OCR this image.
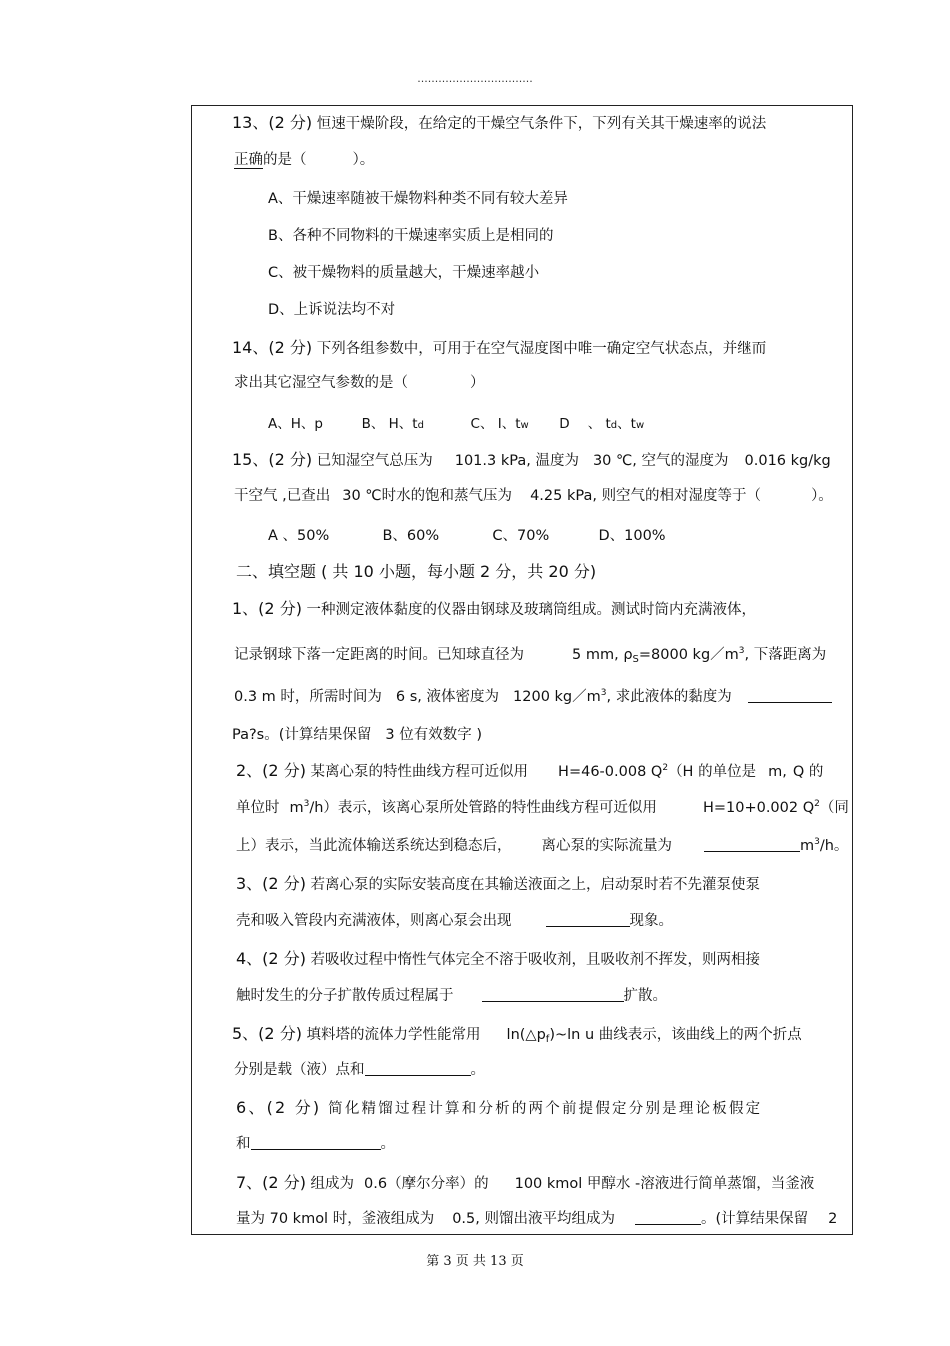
.................................
13、(2 分) 恒速干燥阶段，在给定的干燥空气条件下，下列有关其干燥速率的说法
正确的是（	）。
A、干燥速率随被干燥物料种类不同有较大差异
B、各种不同物料的干燥速率实质上是相同的
C、被干燥物料的质量越大，干燥速率越小
D、上诉说法均不对
14、(2 分) 下列各组参数中，可用于在空气湿度图中唯一确定空气状态点，并继而
求出其它湿空气参数的是（	）
A、H、p	B、 H、td	C、 I、tw D 、 td、tw
15、(2 分) 已知湿空气总压为 101.3 kPa, 温度为 30 ℃, 空气的湿度为 0.016 kg/kg
干空气 ,已查出 30 ℃时水的饱和蒸气压为 4.25 kPa, 则空气的相对湿度等于（	）。
A 、50%	B、60%	C、70%	D、100%
二、填空题 ( 共 10 小题，每小题 2 分，共 20 分)
1、(2 分) 一种测定液体黏度的仪器由钢球及玻璃筒组成。测试时筒内充满液体，
记录钢球下落一定距离的时间。已知球直径为	5 mm, $\rho_S=8000$ $kg/m^3$, 下落距离为
0.3 m 时，所需时间为 6 s, 液体密度为 1200 $kg/m^3$, 求此液体的黏度为
Pa?s。(计算结果保留 3 位有效数字 )
2、(2 分) 某离心泵的特性曲线方程可近似用 H=46-0.008 $Q^2(H$ 的单位是 m, Q 的
单位时 $m^3/h$）表示，该离心泵所处管路的特性曲线方程可近似用	H=10+0.002 $Q^2$（同
上）表示，当此流体输送系统达到稳态后， 离心泵的实际流量为	$m^3/h$。
3、(2 分) 若离心泵的实际安装高度在其输送液面之上，启动泵时若不先灌泵使泵
壳和吸入管段内充满液体，则离心泵会出现	现象。
4、(2 分) 若吸收过程中惰性气体完全不溶于吸收剂，且吸收剂不挥发，则两相接
触时发生的分子扩散传质过程属于	扩散。
5、(2 分) 填料塔的流体力学性能常用 $\ln(\triangle p_f)\sim\ln$ u 曲线表示，该曲线上的两个折点
分别是载（液）点和	。
6、(2 分) 简化精馏过程计算和分析的两个前提假定分别是理论板假定
和	。
7、(2 分) 组成为 0.6（摩尔分率）的 100 kmol 甲醇水 -溶液进行简单蒸馏，当釜液
量为 70 kmol 时，釜液组成为 0.5, 则馏出液平均组成为	。(计算结果保留 2
第 3 页 共 13 页
